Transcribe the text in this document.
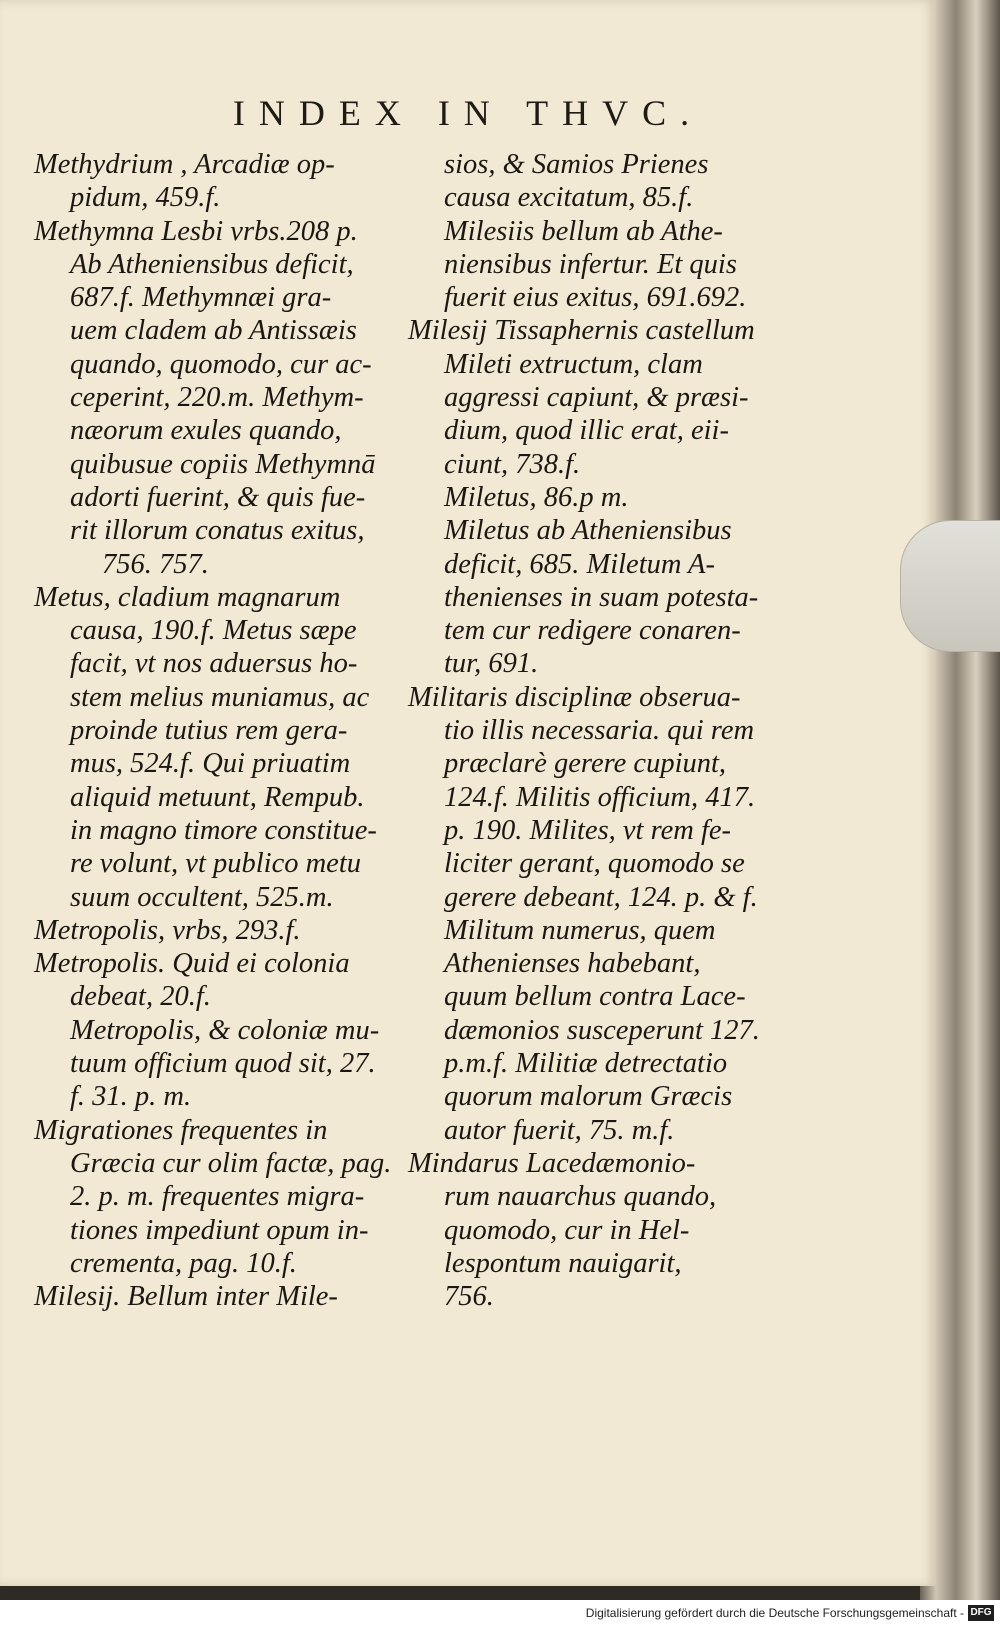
INDEX IN THVC.
Methydrium , Arcadiæ op-
pidum, 459.f.
Methymna Lesbi vrbs.208 p.
Ab Atheniensibus deficit,
687.f. Methymnæi gra-
uem cladem ab Antissæis
quando, quomodo, cur ac-
ceperint, 220.m. Methym-
næorum exules quando,
quibusue copiis Methymnā
adorti fuerint, & quis fue-
rit illorum conatus exitus,
756. 757.
Metus, cladium magnarum
causa, 190.f. Metus sæpe
facit, vt nos aduersus ho-
stem melius muniamus, ac
proinde tutius rem gera-
mus, 524.f. Qui priuatim
aliquid metuunt, Rempub.
in magno timore constitue-
re volunt, vt publico metu
suum occultent, 525.m.
Metropolis, vrbs, 293.f.
Metropolis. Quid ei colonia
debeat, 20.f.
Metropolis, & coloniæ mu-
tuum officium quod sit, 27.
f. 31. p. m.
Migrationes frequentes in
Græcia cur olim factæ, pag.
2. p. m. frequentes migra-
tiones impediunt opum in-
crementa, pag. 10.f.
Milesij. Bellum inter Mile-
sios, & Samios Prienes
causa excitatum, 85.f.
Milesiis bellum ab Athe-
niensibus infertur. Et quis
fuerit eius exitus, 691.692.
Milesij Tissaphernis castellum
Mileti extructum, clam
aggressi capiunt, & præsi-
dium, quod illic erat, eii-
ciunt, 738.f.
Miletus, 86.p m.
Miletus ab Atheniensibus
deficit, 685. Miletum A-
thenienses in suam potesta-
tem cur redigere conaren-
tur, 691.
Militaris disciplinæ obserua-
tio illis necessaria. qui rem
præclarè gerere cupiunt,
124.f. Militis officium, 417.
p. 190. Milites, vt rem fe-
liciter gerant, quomodo se
gerere debeant, 124. p. & f.
Militum numerus, quem
Athenienses habebant,
quum bellum contra Lace-
dæmonios susceperunt 127.
p.m.f. Militiæ detrectatio
quorum malorum Græcis
autor fuerit, 75. m.f.
Mindarus Lacedæmonio-
rum nauarchus quando,
quomodo, cur in Hel-
lespontum nauigarit,
756.
Digitalisierung gefördert durch die Deutsche Forschungsgemeinschaft - DFG
